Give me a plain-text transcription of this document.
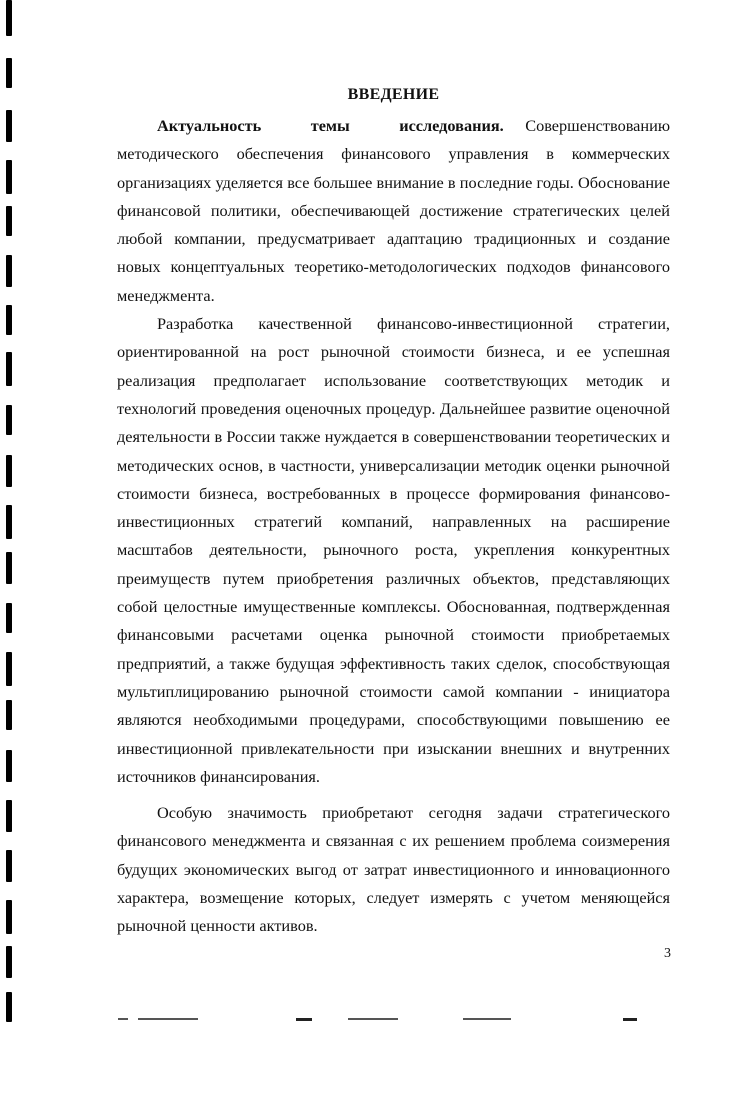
ВВЕДЕНИЕ

Актуальность темы исследования. Совершенствованию методического обеспечения финансового управления в коммерческих организациях уделяется все большее внимание в последние годы. Обоснование финансовой политики, обеспечивающей достижение стратегических целей любой компании, предусматривает адаптацию традиционных и создание новых концептуальных теоретико-методологических подходов финансового менеджмента.

Разработка качественной финансово-инвестиционной стратегии, ориентированной на рост рыночной стоимости бизнеса, и ее успешная реализация предполагает использование соответствующих методик и технологий проведения оценочных процедур. Дальнейшее развитие оценочной деятельности в России также нуждается в совершенствовании теоретических и методических основ, в частности, универсализации методик оценки рыночной стоимости бизнеса, востребованных в процессе формирования финансово-инвестиционных стратегий компаний, направленных на расширение масштабов деятельности, рыночного роста, укрепления конкурентных преимуществ путем приобретения различных объектов, представляющих собой целостные имущественные комплексы. Обоснованная, подтвержденная финансовыми расчетами оценка рыночной стоимости приобретаемых предприятий, а также будущая эффективность таких сделок, способствующая мультиплицированию рыночной стоимости самой компании - инициатора являются необходимыми процедурами, способствующими повышению ее инвестиционной привлекательности при изыскании внешних и внутренних источников финансирования.

Особую значимость приобретают сегодня задачи стратегического финансового менеджмента и связанная с их решением проблема соизмерения будущих экономических выгод от затрат инвестиционного и инновационного характера, возмещение которых, следует измерять с учетом меняющейся рыночной ценности активов.

3
